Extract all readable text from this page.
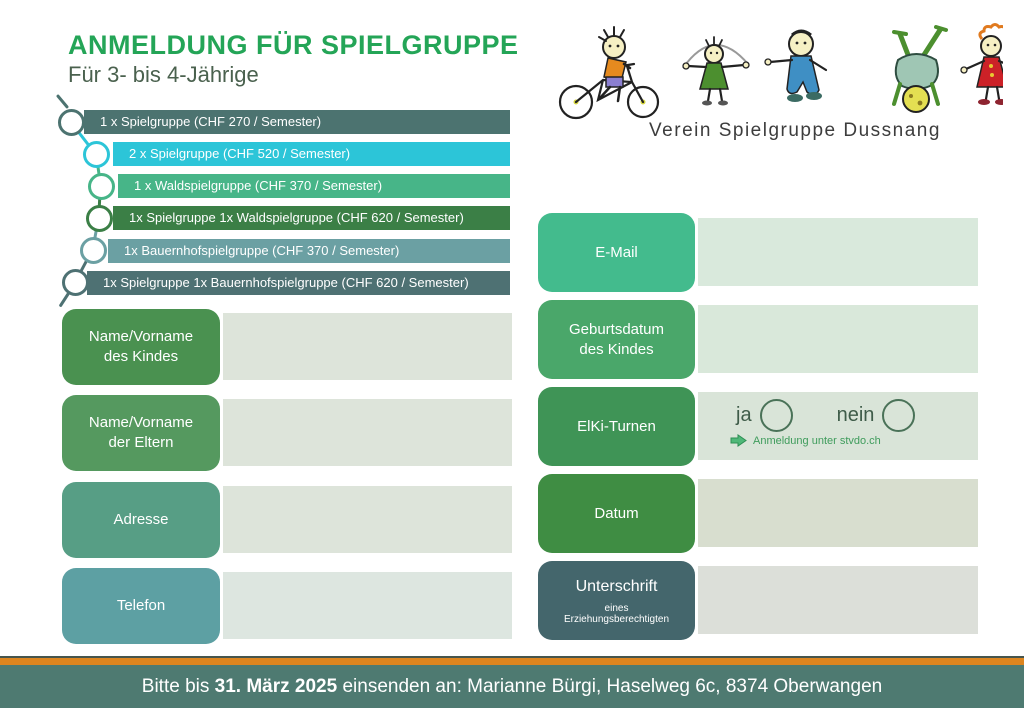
ANMELDUNG FÜR SPIELGRUPPE
Für 3- bis 4-Jährige
1 x Spielgruppe (CHF 270 / Semester)
2 x Spielgruppe (CHF 520 / Semester)
1 x Waldspielgruppe (CHF 370 / Semester)
1x Spielgruppe 1x Waldspielgruppe (CHF 620 / Semester)
1x Bauernhofspielgruppe (CHF 370 / Semester)
1x Spielgruppe 1x Bauernhofspielgruppe (CHF 620 / Semester)
Name/Vorname
des Kindes
Name/Vorname
der Eltern
Adresse
Telefon
E-Mail
Geburtsdatum
des Kindes
ElKi-Turnen	ja	nein
Anmeldung unter stvdo.ch
Datum
Unterschrift
eines Erziehungsberechtigten
Verein Spielgruppe Dussnang
Bitte bis 31. März 2025 einsenden an: Marianne Bürgi, Haselweg 6c, 8374 Oberwangen
